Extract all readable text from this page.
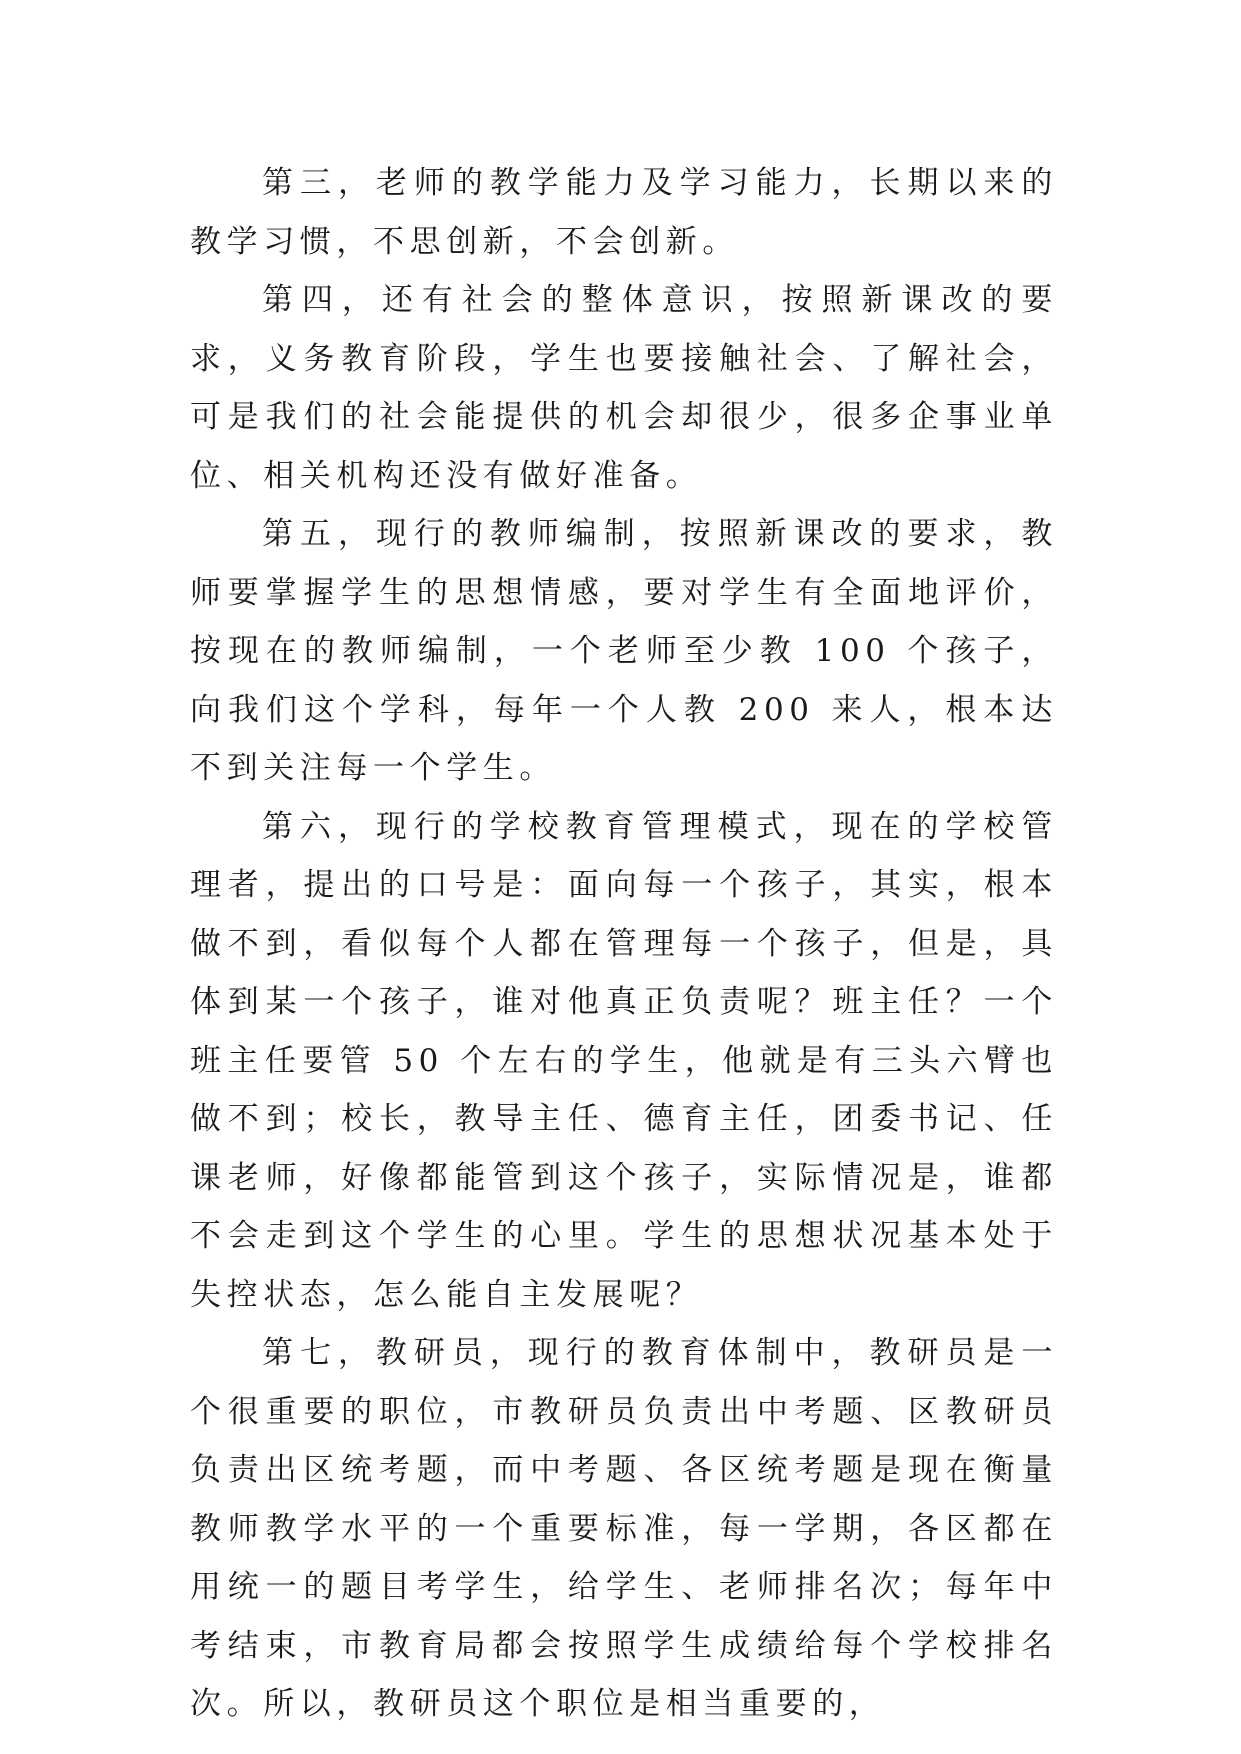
第三，老师的教学能力及学习能力，长期以来的教学习惯，不思创新，不会创新。

第四，还有社会的整体意识，按照新课改的要求，义务教育阶段，学生也要接触社会、了解社会，可是我们的社会能提供的机会却很少，很多企事业单位、相关机构还没有做好准备。

第五，现行的教师编制，按照新课改的要求，教师要掌握学生的思想情感，要对学生有全面地评价，按现在的教师编制，一个老师至少教 100 个孩子，向我们这个学科，每年一个人教 200 来人，根本达不到关注每一个学生。

第六，现行的学校教育管理模式，现在的学校管理者，提出的口号是：面向每一个孩子，其实，根本做不到，看似每个人都在管理每一个孩子，但是，具体到某一个孩子，谁对他真正负责呢？班主任？一个班主任要管 50 个左右的学生，他就是有三头六臂也做不到；校长，教导主任、德育主任，团委书记、任课老师，好像都能管到这个孩子，实际情况是，谁都不会走到这个学生的心里。学生的思想状况基本处于失控状态，怎么能自主发展呢？

第七，教研员，现行的教育体制中，教研员是一个很重要的职位，市教研员负责出中考题、区教研员负责出区统考题，而中考题、各区统考题是现在衡量教师教学水平的一个重要标准，每一学期，各区都在用统一的题目考学生，给学生、老师排名次；每年中考结束，市教育局都会按照学生成绩给每个学校排名次。所以，教研员这个职位是相当重要的，
